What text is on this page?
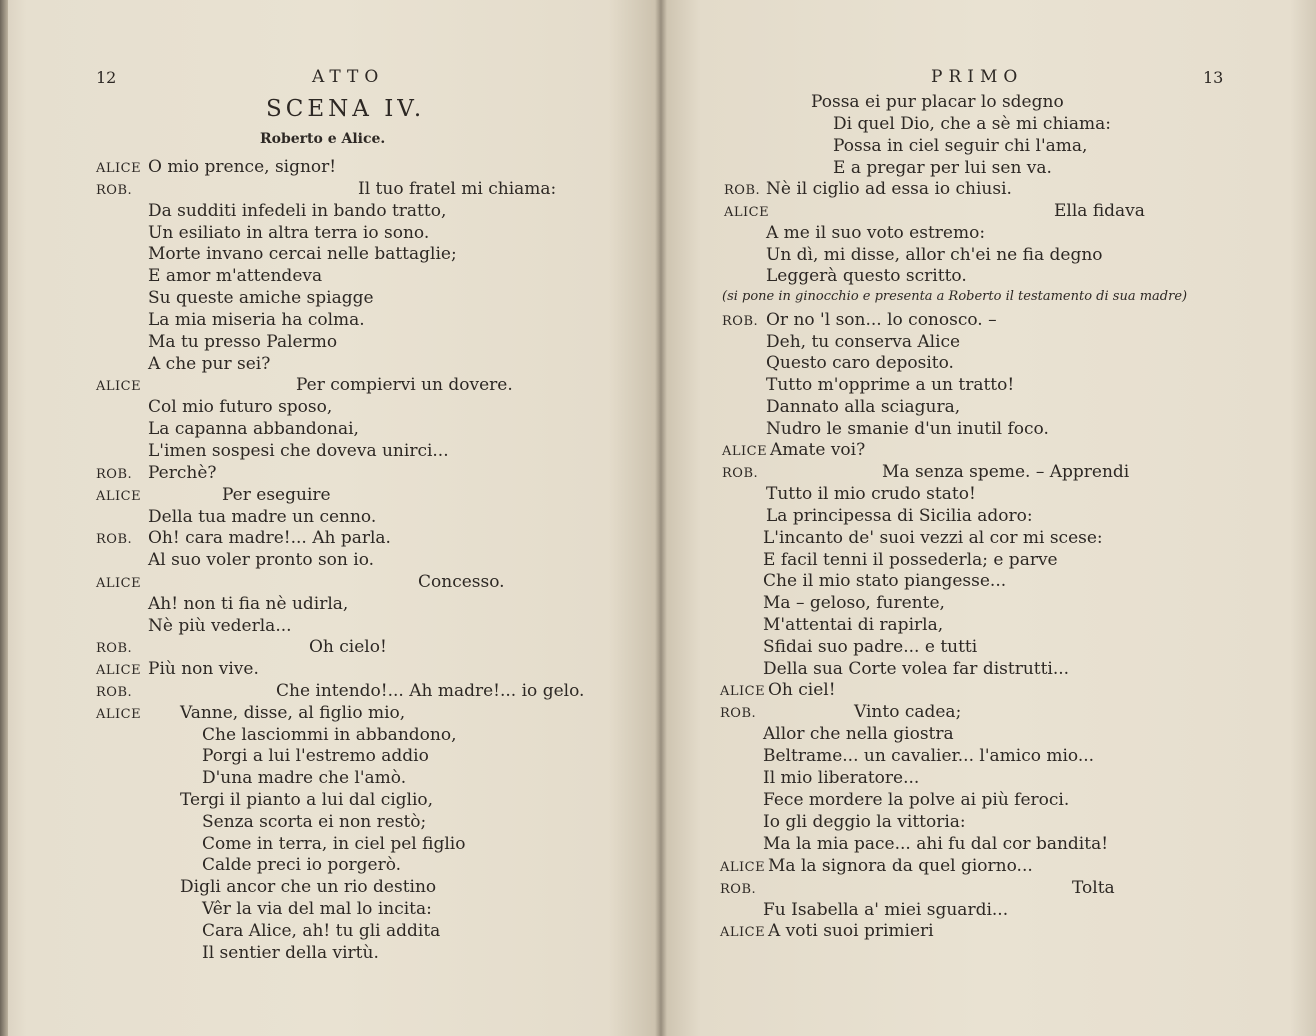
12	ATTO
SCENA IV.
Roberto e Alice.
ALICE O mio prence, signor!
ROB.	Il tuo fratel mi chiama:
Da sudditi infedeli in bando tratto,
Un esiliato in altra terra io sono.
Morte invano cercai nelle battaglie;
E amor m'attendeva
Su queste amiche spiagge
La mia miseria ha colma.
Ma tu presso Palermo
A che pur sei?
ALICE	Per compiervi un dovere.
Col mio futuro sposo,
La capanna abbandonai,
L'imen sospesi che doveva unirci...
ROB. Perchè?
ALICE	Per eseguire
Della tua madre un cenno.
ROB. Oh! cara madre!... Ah parla.
Al suo voler pronto son io.
ALICE	Concesso.
Ah! non ti fia nè udirla,
Nè più vederla...
ROB.	Oh cielo!
ALICE Più non vive.
ROB.	Che intendo!... Ah madre!... io gelo.
ALICE Vanne, disse, al figlio mio,
Che lasciommi in abbandono,
Porgi a lui l'estremo addio
D'una madre che l'amò.
Tergi il pianto a lui dal ciglio,
Senza scorta ei non restò;
Come in terra, in ciel pel figlio
Calde preci io porgerò.
Digli ancor che un rio destino
Vêr la via del mal lo incita:
Cara Alice, ah! tu gli addita
Il sentier della virtù.
PRIMO	13
Possa ei pur placar lo sdegno
Di quel Dio, che a sè mi chiama:
Possa in ciel seguir chi l'ama,
E a pregar per lui sen va.
ROB. Nè il ciglio ad essa io chiusi.
ALICE	Ella fidava
A me il suo voto estremo:
Un dì, mi disse, allor ch'ei ne fia degno
Leggerà questo scritto.
(si pone in ginocchio e presenta a Roberto il testamento di sua madre)
ROB. Or no 'l son... lo conosco. –
Deh, tu conserva Alice
Questo caro deposito.
Tutto m'opprime a un tratto!
Dannato alla sciagura,
Nudro le smanie d'un inutil foco.
ALICE Amate voi?
ROB.	Ma senza speme. – Apprendi
Tutto il mio crudo stato!
La principessa di Sicilia adoro:
L'incanto de' suoi vezzi al cor mi scese:
E facil tenni il possederla; e parve
Che il mio stato piangesse...
Ma – geloso, furente,
M'attentai di rapirla,
Sfidai suo padre... e tutti
Della sua Corte volea far distrutti...
ALICE Oh ciel!
ROB.	Vinto cadea;
Allor che nella giostra
Beltrame... un cavalier... l'amico mio...
Il mio liberatore...
Fece mordere la polve ai più feroci.
Io gli deggio la vittoria:
Ma la mia pace... ahi fu dal cor bandita!
ALICE Ma la signora da quel giorno...
ROB.	Tolta
Fu Isabella a' miei sguardi...
ALICE A voti suoi primieri
